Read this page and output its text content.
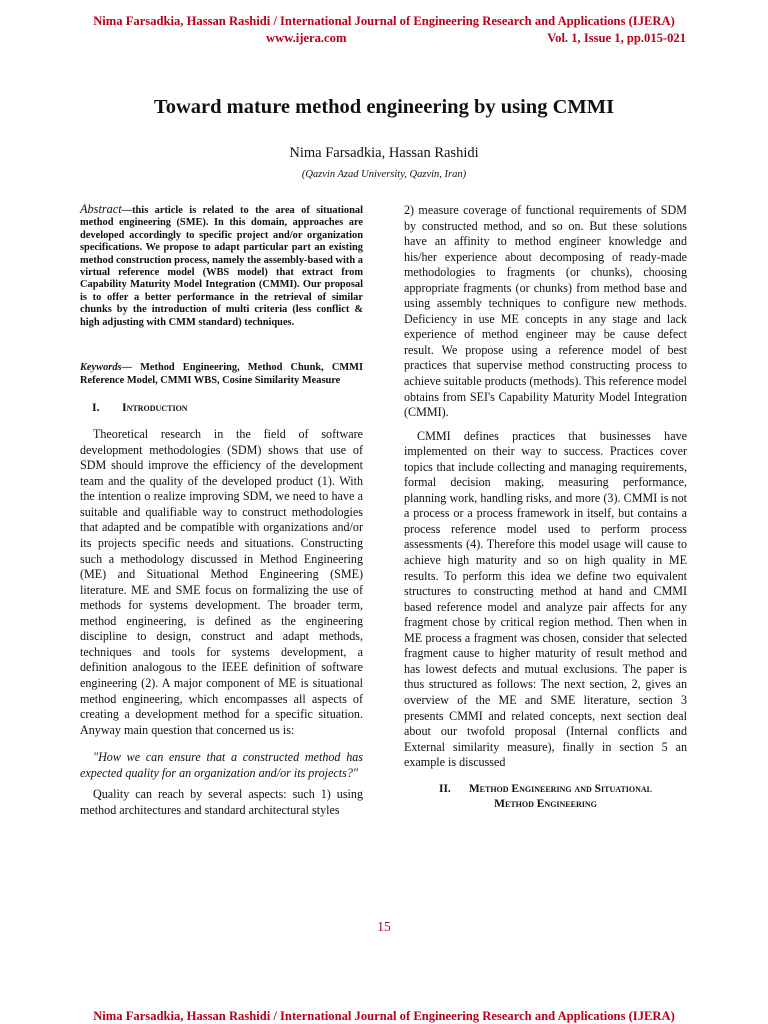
Nima Farsadkia, Hassan Rashidi / International Journal of Engineering Research and Applications (IJERA)
www.ijera.com	Vol. 1, Issue 1, pp.015-021
Toward mature method engineering by using CMMI
Nima Farsadkia, Hassan Rashidi
(Qazvin Azad University, Qazvin, Iran)

Abstract—this article is related to the area of situational method engineering (SME). In this domain, approaches are developed accordingly to specific project and/or organization specifications. We propose to adapt particular part an existing method construction process, namely the assembly-based with a virtual reference model (WBS model) that extract from Capability Maturity Model Integration (CMMI). Our proposal is to offer a better performance in the retrieval of similar chunks by the introduction of multi criteria (less conflict & high adjusting with CMM standard) techniques.

Keywords— Method Engineering, Method Chunk, CMMI Reference Model, CMMI WBS, Cosine Similarity Measure

I. Introduction

Theoretical research in the field of software development methodologies (SDM) shows that use of SDM should improve the efficiency of the development team and the quality of the developed product (1). With the intention o realize improving SDM, we need to have a suitable and qualifiable way to construct methodologies that adapted and be compatible with organizations and/or its projects specific needs and situations. Constructing such a methodology discussed in Method Engineering (ME) and Situational Method Engineering (SME) literature. ME and SME focus on formalizing the use of methods for systems development. The broader term, method engineering, is defined as the engineering discipline to design, construct and adapt methods, techniques and tools for systems development, a definition analogous to the IEEE definition of software engineering (2). A major component of ME is situational method engineering, which encompasses all aspects of creating a development method for a specific situation. Anyway main question that concerned us is:

"How we can ensure that a constructed method has expected quality for an organization and/or its projects?"

Quality can reach by several aspects: such 1) using method architectures and standard architectural styles

2) measure coverage of functional requirements of SDM by constructed method, and so on. But these solutions have an affinity to method engineer knowledge and his/her experience about decomposing of ready-made methodologies to fragments (or chunks), choosing appropriate fragments (or chunks) from method base and using assembly techniques to configure new methods. Deficiency in use ME concepts in any stage and lack experience of method engineer may be cause defect result. We propose using a reference model of best practices that supervise method constructing process to achieve suitable products (methods). This reference model obtains from SEI's Capability Maturity Model Integration (CMMI).

CMMI defines practices that businesses have implemented on their way to success. Practices cover topics that include collecting and managing requirements, formal decision making, measuring performance, planning work, handling risks, and more (3). CMMI is not a process or a process framework in itself, but contains a process reference model used to perform process assessments (4). Therefore this model usage will cause to achieve high maturity and so on high quality in ME results. To perform this idea we define two equivalent structures to constructing method at hand and CMMI based reference model and analyze pair affects for any fragment chose by critical region method. Then when in ME process a fragment was chosen, consider that selected fragment cause to higher maturity of result method and has lowest defects and mutual exclusions. The paper is thus structured as follows: The next section, 2, gives an overview of the ME and SME literature, section 3 presents CMMI and related concepts, next section deal about our twofold proposal (Internal conflicts and External similarity measure), finally in section 5 an example is discussed

II. Method Engineering and Situational
Method Engineering
15
Nima Farsadkia, Hassan Rashidi / International Journal of Engineering Research and Applications (IJERA)
